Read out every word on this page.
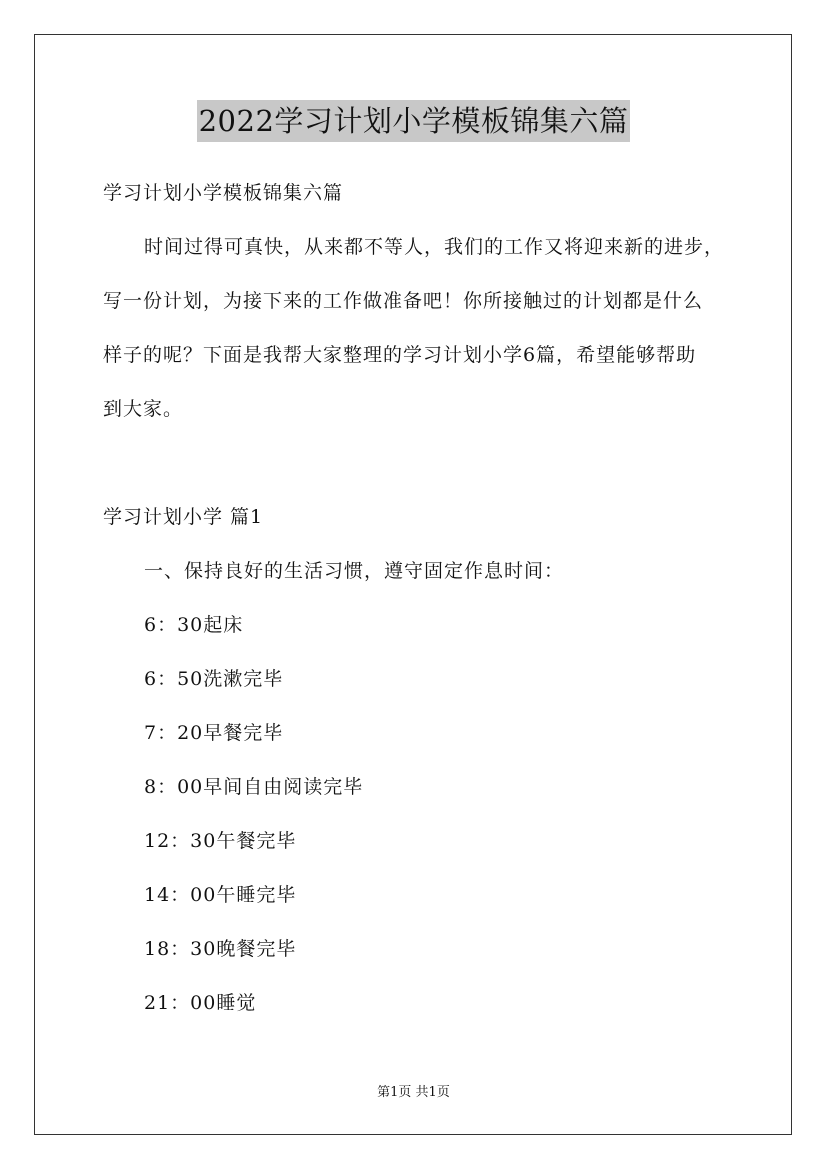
2022学习计划小学模板锦集六篇
学习计划小学模板锦集六篇
时间过得可真快，从来都不等人，我们的工作又将迎来新的进步，
写一份计划，为接下来的工作做准备吧！你所接触过的计划都是什么
样子的呢？下面是我帮大家整理的学习计划小学6篇，希望能够帮助
到大家。
学习计划小学 篇1
一、保持良好的生活习惯，遵守固定作息时间：
6：30起床
6：50洗漱完毕
7：20早餐完毕
8：00早间自由阅读完毕
12：30午餐完毕
14：00午睡完毕
18：30晚餐完毕
21：00睡觉
第1页 共1页
